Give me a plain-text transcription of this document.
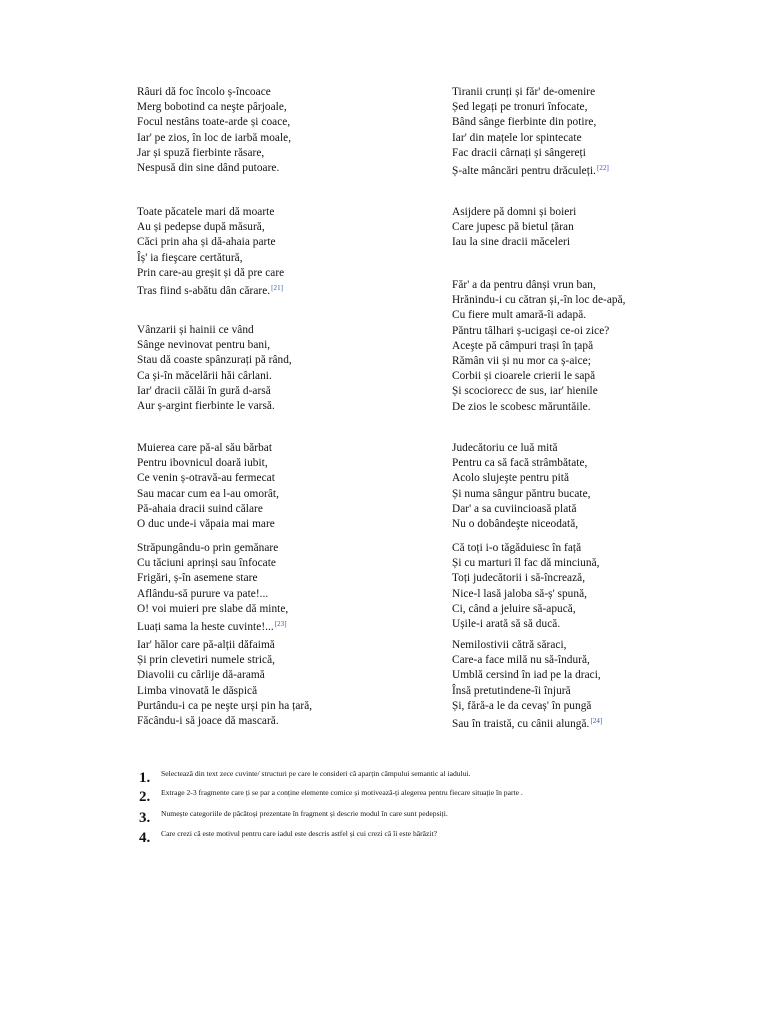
Râuri dă foc încolo ș-încoace
Merg bobotind ca neşte pârjoale,
Focul nestâns toate-arde și coace,
Iar' pe zios, în loc de iarbă moale,
Jar și spuză fierbinte răsare,
Nespusă din sine dând putoare.
Toate păcatele mari dă moarte
Au și pedepse după măsură,
Căci prin aha și dă-ahaia parte
Îș' ia fieşcare certătură,
Prin care-au greșit și dă pre care
Tras fiind s-abătu dân cărare.[21]
Vânzarii și hainii ce vând
Sânge nevinovat pentru bani,
Stau dă coaste spânzurați pă rând,
Ca și-în măcelării hăi cârlani.
Iar' dracii călăi în gură d-arsă
Aur ș-argint fierbinte le varsă.
Muierea care pă-al său bărbat
Pentru ibovnicul doară iubit,
Ce venin ș-otravă-au fermecat
Sau macar cum ea l-au omorât,
Pă-ahaia dracii suind călare
O duc unde-i văpaia mai mare
Străpungându-o prin gemănare
Cu tăciuni aprinși sau înfocate
Frigări, ș-în asemene stare
Aflându-să purure va pate!...
O! voi muieri pre slabe dă minte,
Luați sama la heste cuvinte!...[23]
Iar' hălor care pă-alții dăfaimă
Și prin clevetiri numele strică,
Diavolii cu cârlije dă-aramă
Limba vinovată le dăspică
Purtându-i ca pe neşte urși pin ha țară,
Făcându-i să joace dă mascară.
Tiranii crunți și făr' de-omenire
Șed legați pe tronuri înfocate,
Bând sânge fierbinte din potire,
Iar' din mațele lor spintecate
Fac dracii cârnați și sângereți
Ș-alte mâncări pentru drăculeți.[22]
Asijdere pă domni și boieri
Care jupesc pă bietul țăran
Iau la sine dracii măceleri
Făr' a da pentru dânși vrun ban,
Hrănindu-i cu cătran și,-în loc de-apă,
Cu fiere mult amară-îi adapă.
Păntru tâlhari ș-ucigași ce-oi zice?
Aceşte pă câmpuri trași în țapă
Rămân vii și nu mor ca ș-aice;
Corbii și cioarele crierii le sapă
Și scociorесc de sus, iar' hienile
De zios le scobesc măruntăile.
Judecătoriu ce luă mită
Pentru ca să facă strâmbătate,
Acolo slujeşte pentru pită
Și numa sângur păntru bucate,
Dar' a sa cuviincioasă plată
Nu o dobândeşte niceodată,
Că toți i-o tăgăduiesc în față
Și cu marturi îl fac dă minciună,
Toți judecătorii i să-încrează,
Nice-l lasă jaloba să-ș' spună,
Ci, când a jeluire să-apucă,
Ușile-i arată să să ducă.
Nemilostivii cătră săraci,
Care-a face milă nu să-îndură,
Umblă cersind în iad pe la draci,
Însă pretutindene-îi înjură
Și, fără-a le da cevaș' în pungă
Sau în traistă, cu cânii alungă.[24]
1. Selectează din text zece cuvinte/ structuri pe care le consideri că aparțin câmpului semantic al iadului.
2. Extrage 2-3 fragmente care ți se par a conține elemente comice și motivează-ți alegerea pentru fiecare situație în parte .
3. Numește categoriile de păcătoși prezentate în fragment și descrie modul în care sunt pedepsiți.
4. Care crezi că este motivul pentru care iadul este descris astfel și cui crezi că îi este hărăzit?
